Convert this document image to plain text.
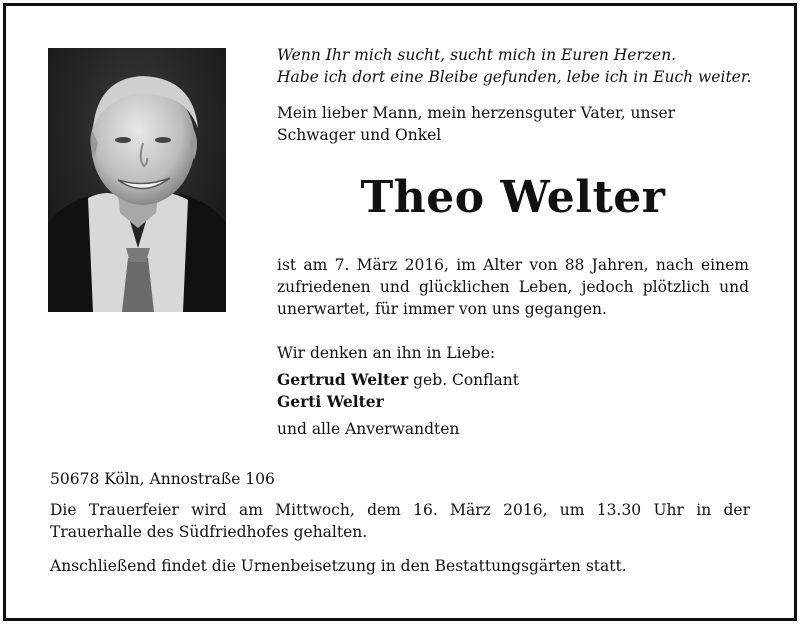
Wenn Ihr mich sucht, sucht mich in Euren Herzen.

Habe ich dort eine Bleibe gefunden, lebe ich in Euch weiter.

Mein lieber Mann, mein herzensguter Vater, unser Schwager und Onkel

Theo Welter

ist am 7. März 2016, im Alter von 88 Jahren, nach einem zufriedenen und glücklichen Leben, jedoch plötzlich und unerwartet, für immer von uns gegangen.

Wir denken an ihn in Liebe:

Gertrud Welter geb. Conflant

Gerti Welter

und alle Anverwandten

50678 Köln, Annostraße 106

Die Trauerfeier wird am Mittwoch, dem 16. März 2016, um 13.30 Uhr in der Trauerhalle des Südfriedhofes gehalten.

Anschließend findet die Urnenbeisetzung in den Bestattungsgärten statt.
